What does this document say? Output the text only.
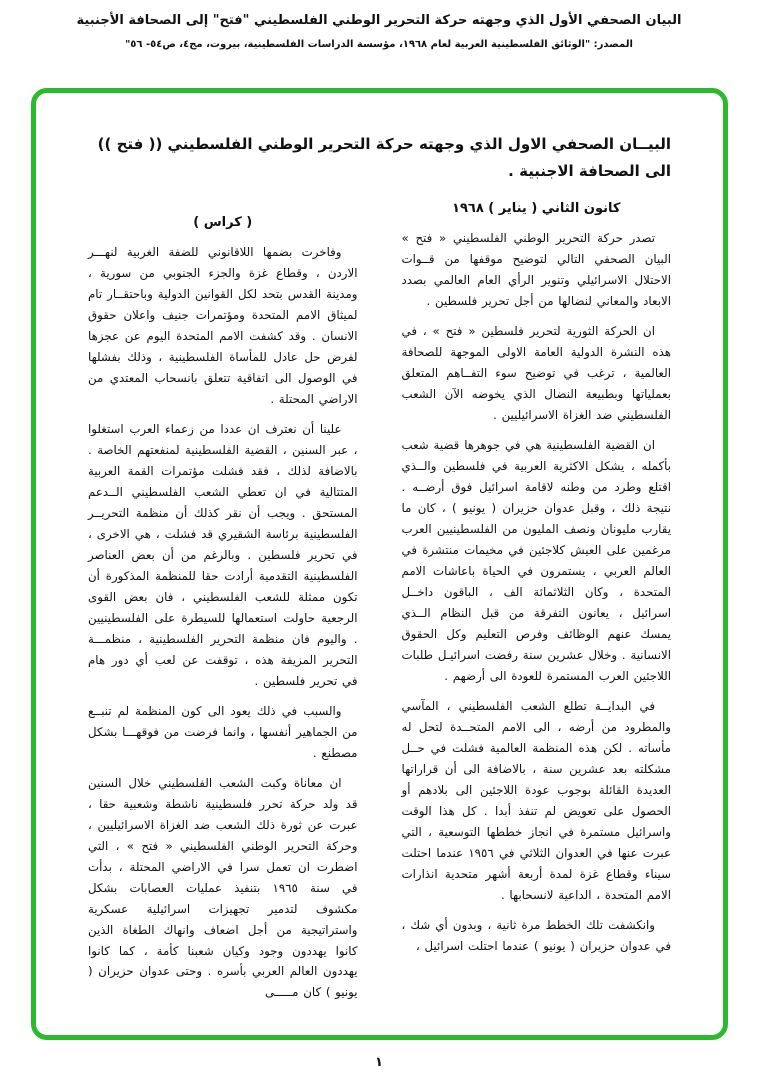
البيان الصحفي الأول الذي وجهته حركة التحرير الوطني الفلسطيني "فتح" إلى الصحافة الأجنبية
المصدر: "الوثائق الفلسطينية العربية لعام ١٩٦٨، مؤسسة الدراسات الفلسطينية، بيروت، مج٤، ص٥٤- ٥٦"
البيــان الصحفي الاول الذي وجهته حركة التحرير الوطني الفلسطيني (( فتح )) الى الصحافة الاجنبية .
كانون الثاني ( يناير ) ١٩٦٨

تصدر حركة التحرير الوطني الفلسطيني « فتح » البيان الصحفي التالي لتوضيح موقفها من قــوات الاحتلال الاسرائيلي وتنوير الرأي العام العالمي بصدد الابعاد والمعاني لنضالها من أجل تحرير فلسطين .

ان الحركة الثورية لتحرير فلسطين « فتح » ، في هذه النشرة الدولية العامة الاولى الموجهة للصحافة العالمية ، ترغب في توضيح سوء التفــاهم المتعلق بعملياتها وبطبيعة النضال الذي يخوضه الآن الشعب الفلسطيني ضد الغزاة الاسرائيليين .

ان القضية الفلسطينية هي في جوهرها قضية شعب بأكمله ، يشكل الاكثرية العربية في فلسطين والــذي اقتلع وطرد من وطنه لاقامة اسرائيل فوق أرضــه . نتيجة ذلك ، وقبل عدوان حزيران ( يونيو ) ، كان ما يقارب مليونان ونصف المليون من الفلسطينيين العرب مرغمين على العيش كلاجئين في مخيمات منتشرة في العالم العربي ، يستمرون في الحياة باعاشات الامم المتحدة ، وكان الثلاثمائة الف ، الباقون داخــل اسرائيل ، يعانون التفرقة من قبل النظام الــذي يمسك عنهم الوظائف وفرص التعليم وكل الحقوق الانسانية . وخلال عشرين سنة رفضت اسرائيـل طلبات اللاجئين العرب المستمرة للعودة الى أرضهم .

في البدايــة تطلع الشعب الفلسطيني ، المآسي والمطرود من أرضه ، الى الامم المتحــدة لتحل له مأساته . لكن هذه المنظمة العالمية فشلت في حــل مشكلته بعد عشرين سنة ، بالاضافة الى أن قراراتها العديدة القائلة بوجوب عودة اللاجئين الى بلادهم أو الحصول على تعويض لم تنفذ أبدا . كل هذا الوقت واسرائيل مستمرة في انجاز خططها التوسعية ، التي عبرت عنها في العدوان الثلاثي في ١٩٥٦ عندما احتلت سيناء وقطاع غزة لمدة أربعة أشهر متحدية انذارات الامم المتحدة ، الداعية لانسحابها .

وانكشفت تلك الخطط مرة ثانية ، وبدون أي شك ، في عدوان حزيران ( يونيو ) عندما احتلت اسرائيل ،

( كراس )

وفاخرت بضمها اللاقانوني للضفة الغربية لنهـــر الاردن ، وقطاع غزة والجزء الجنوبي من سورية ، ومدينة القدس بتحد لكل القوانين الدولية وباحتقــار تام لميثاق الامم المتحدة ومؤتمرات جنيف واعلان حقوق الانسان . وقد كشفت الامم المتحدة اليوم عن عجزها لفرض حل عادل للمأساة الفلسطينية ، وذلك بفشلها في الوصول الى اتفاقية تتعلق بانسحاب المعتدي من الاراضي المحتلة .

علينا أن نعترف ان عددا من زعماء العرب استغلوا ، عبر السنين ، القضية الفلسطينية لمنفعتهم الخاصة . بالاضافة لذلك ، فقد فشلت مؤتمرات القمة العربية المتتالية في ان تعطي الشعب الفلسطيني الــدعم المستحق . ويجب أن نقر كذلك أن منظمة التحريــر الفلسطينية برئاسة الشقيري قد فشلت ، هي الاخرى ، في تحرير فلسطين . وبالرغم من أن بعض العناصر الفلسطينية التقدمية أرادت حقا للمنظمة المذكورة أن تكون ممثلة للشعب الفلسطيني ، فان بعض القوى الرجعية حاولت استعمالها للسيطرة على الفلسطينيين . واليوم فان منظمة التحرير الفلسطينية ، منظمـــة التحرير المزيفة هذه ، توقفت عن لعب أي دور هام في تحرير فلسطين .

والسبب في ذلك يعود الى كون المنظمة لم تنبــع من الجماهير أنفسها ، وانما فرضت من فوقهـــا بشكل مصطنع .

ان معاناة وكبت الشعب الفلسطيني خلال السنين قد ولد حركة تحرر فلسطينية ناشطة وشعبية حقا ، عبرت عن ثورة ذلك الشعب ضد الغزاة الاسرائيليين ، وحركة التحرير الوطني الفلسطيني « فتح » ، التي اضطرت ان تعمل سرا في الاراضي المحتلة ، بدأت في سنة ١٩٦٥ بتنفيذ عمليات العصابات بشكل مكشوف لتدمير تجهيزات اسرائيلية عسكرية واستراتيجية من أجل اضعاف وانهاك الطغاة الذين كانوا يهددون وجود وكيان شعبنا كأمة ، كما كانوا يهددون العالم العربي بأسره . وحتى عدوان حزيران ( يونيو ) كان مـــــى

١
